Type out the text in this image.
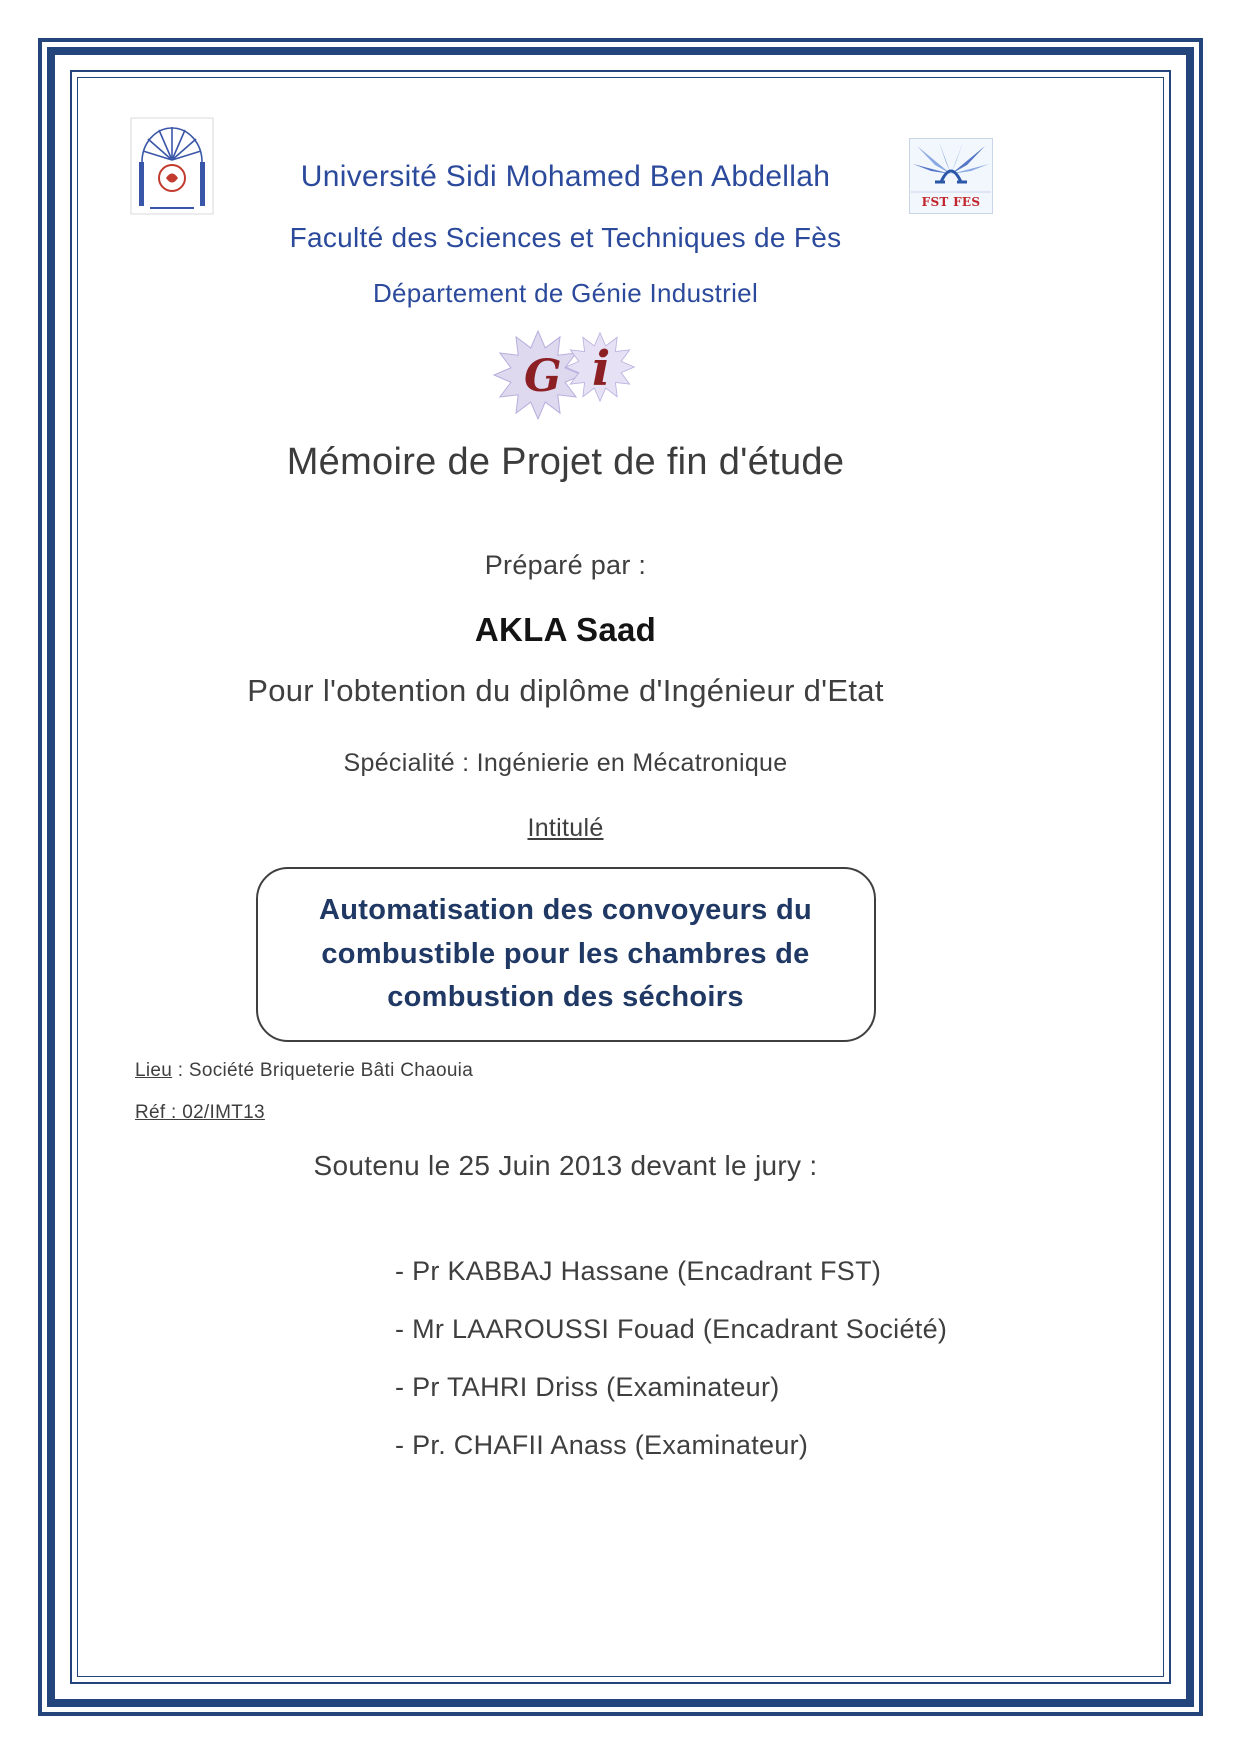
FST FES
Université Sidi Mohamed Ben Abdellah
Faculté des Sciences et Techniques de Fès
Département de Génie Industriel
G i
Mémoire de Projet de fin d'étude
Préparé par :
AKLA Saad
Pour l'obtention du diplôme d'Ingénieur d'Etat
Spécialité : Ingénierie en Mécatronique
Intitulé
Automatisation des convoyeurs du
combustible pour les chambres de
combustion des séchoirs
Lieu : Société Briqueterie Bâti Chaouia
Réf : 02/IMT13
Soutenu le 25 Juin 2013 devant le jury :
- Pr KABBAJ Hassane (Encadrant FST)
- Mr LAAROUSSI Fouad (Encadrant Société)
- Pr TAHRI Driss (Examinateur)
- Pr. CHAFII Anass (Examinateur)
